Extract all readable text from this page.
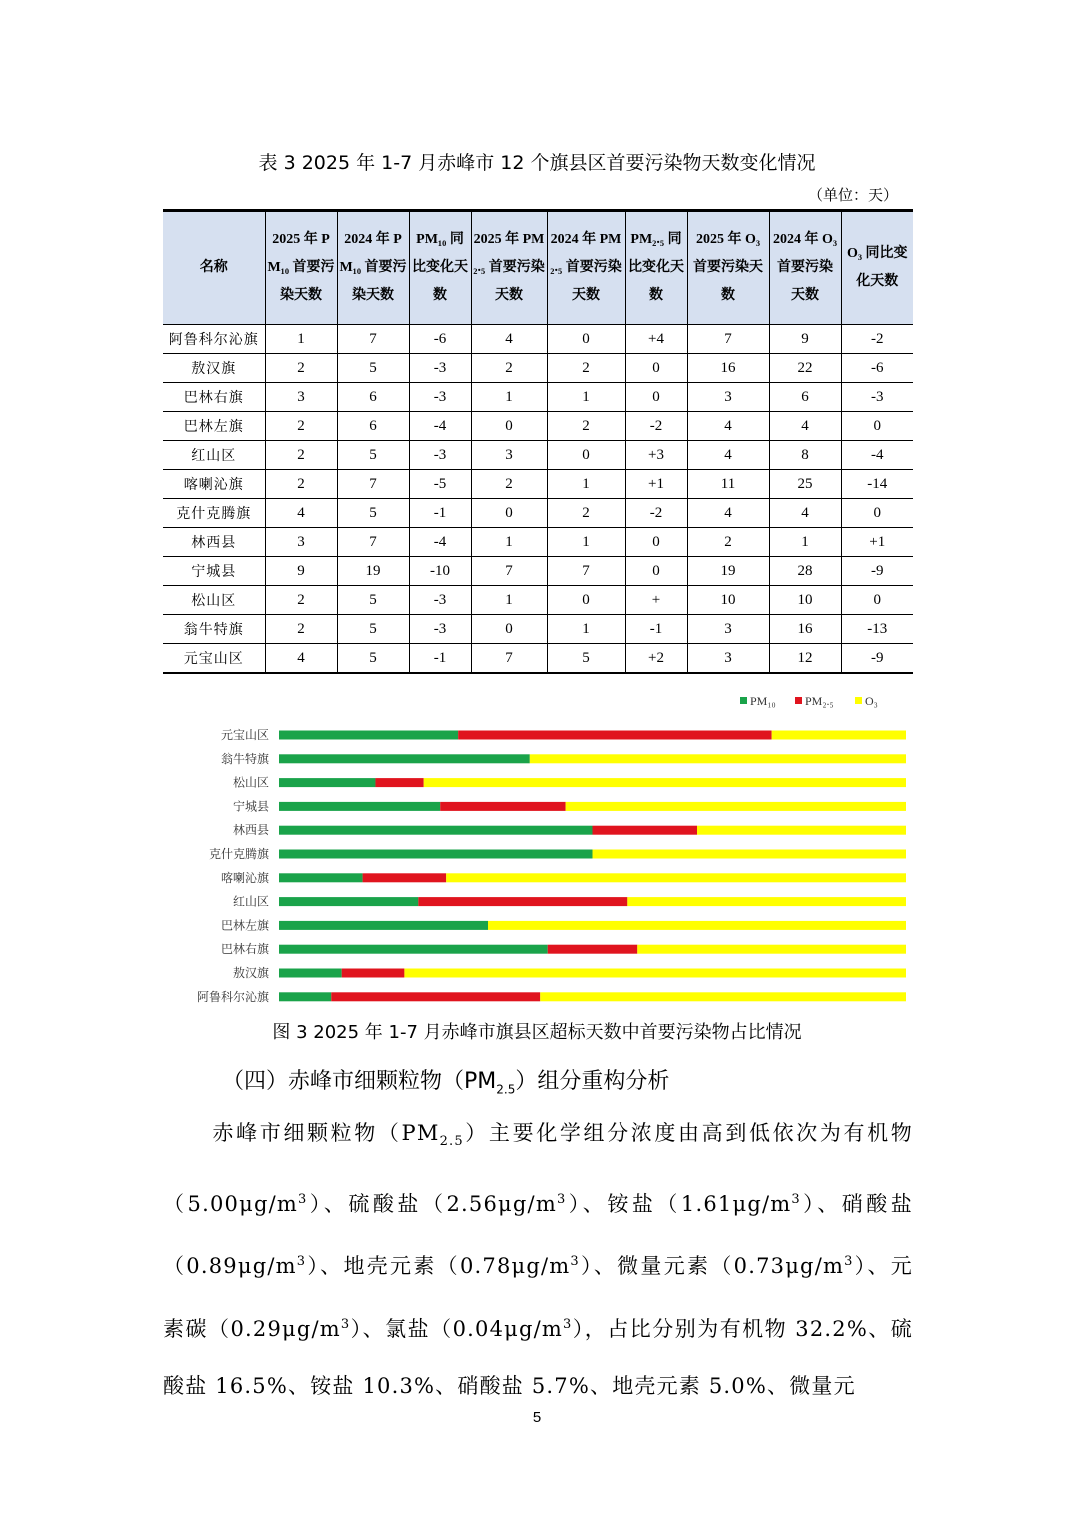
表 3 2025 年 1-7 月赤峰市 12 个旗县区首要污染物天数变化情况
（单位：天）
名称	2025 年 PM₁₀ 首要污染天数	2024 年 PM₁₀ 首要污染天数	PM₁₀ 同比变化天数	2025 年 PM₂.₅ 首要污染天数	2024 年 PM₂.₅ 首要污染天数	PM₂.₅ 同比变化天数	2025 年 O₃ 首要污染天数	2024 年 O₃ 首要污染天数	O₃ 同比变化天数
阿鲁科尔沁旗	1	7	-6	4	0	+4	7	9	-2
敖汉旗	2	5	-3	2	2	0	16	22	-6
巴林右旗	3	6	-3	1	1	0	3	6	-3
巴林左旗	2	6	-4	0	2	-2	4	4	0
红山区	2	5	-3	3	0	+3	4	8	-4
喀喇沁旗	2	7	-5	2	1	+1	11	25	-14
克什克腾旗	4	5	-1	0	2	-2	4	4	0
林西县	3	7	-4	1	1	0	2	1	+1
宁城县	9	19	-10	7	7	0	19	28	-9
松山区	2	5	-3	1	0	+	10	10	0
翁牛特旗	2	5	-3	0	1	-1	3	16	-13
元宝山区	4	5	-1	7	5	+2	3	12	-9
PM₁₀ PM₂.₅	O₃
元宝山区
翁牛特旗
松山区
宁城县
林西县
克什克腾旗
喀喇沁旗
红山区
巴林左旗
巴林右旗
敖汉旗
阿鲁科尔沁旗
图 3 2025 年 1-7 月赤峰市旗县区超标天数中首要污染物占比情况
（四）赤峰市细颗粒物$(PM_{2.5})$组分重构分析
赤峰市细颗粒物$(PM_{2.5})$主要化学组分浓度由高到低依次为有机物$(5.00\mu g/m^3)$、硫酸盐$(2.56\mu g/m^3)$、铵盐$(1.61\mu g/m^3)$、硝酸盐$(0.89\mu g/m^3)$、地壳元素$(0.78\mu g/m^3)$、微量元素$(0.73\mu g/m^3)$、元素碳$(0.29\mu g/m^3)$、氯盐$(0.04\mu g/m^3)$，占比分别为有机物 32.2%、硫酸盐 16.5%、铵盐 10.3%、硝酸盐 5.7%、地壳元素 5.0%、微量元
5
